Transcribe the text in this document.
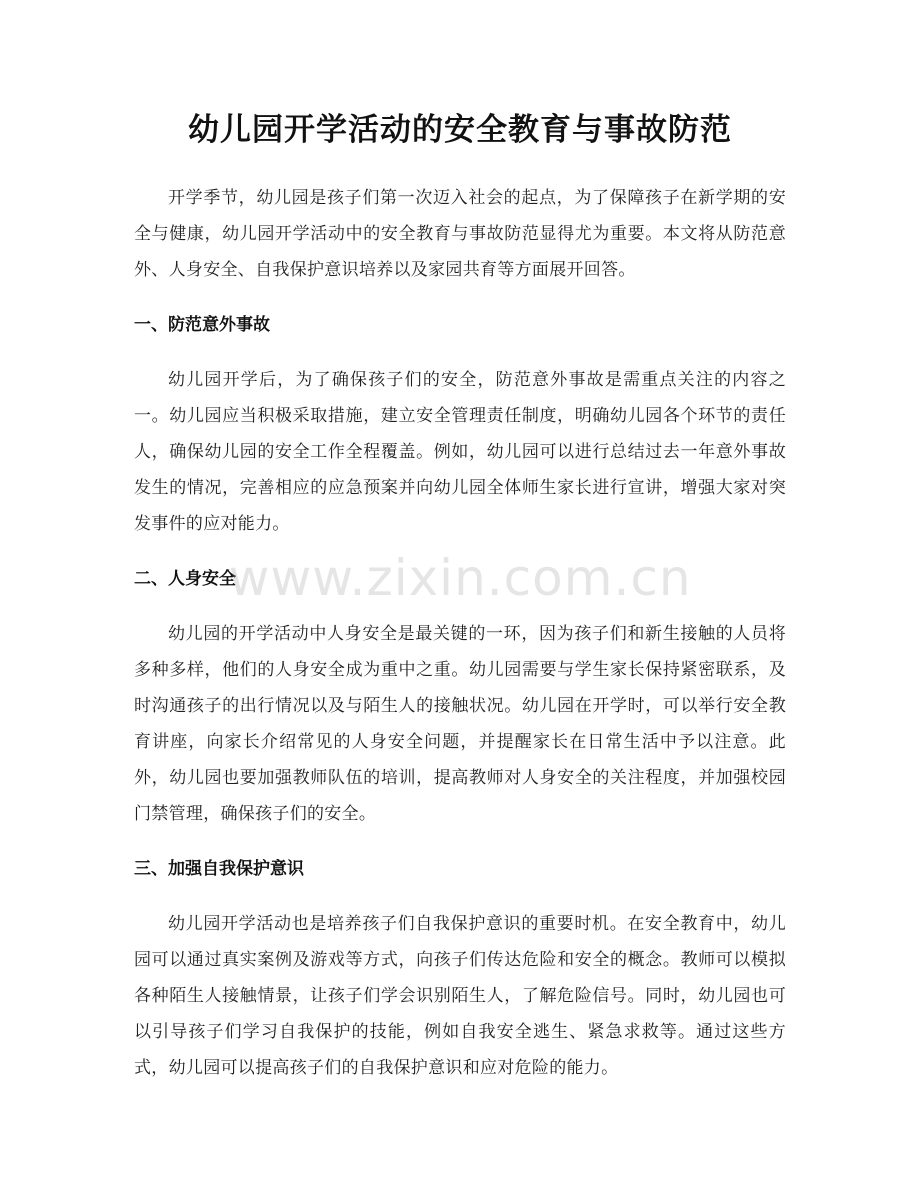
幼儿园开学活动的安全教育与事故防范

开学季节，幼儿园是孩子们第一次迈入社会的起点，为了保障孩子在新学期的安全与健康，幼儿园开学活动中的安全教育与事故防范显得尤为重要。本文将从防范意外、人身安全、自我保护意识培养以及家园共育等方面展开回答。

一、防范意外事故

幼儿园开学后，为了确保孩子们的安全，防范意外事故是需重点关注的内容之一。幼儿园应当积极采取措施，建立安全管理责任制度，明确幼儿园各个环节的责任人，确保幼儿园的安全工作全程覆盖。例如，幼儿园可以进行总结过去一年意外事故发生的情况，完善相应的应急预案并向幼儿园全体师生家长进行宣讲，增强大家对突发事件的应对能力。

二、人身安全

幼儿园的开学活动中人身安全是最关键的一环，因为孩子们和新生接触的人员将多种多样，他们的人身安全成为重中之重。幼儿园需要与学生家长保持紧密联系，及时沟通孩子的出行情况以及与陌生人的接触状况。幼儿园在开学时，可以举行安全教育讲座，向家长介绍常见的人身安全问题，并提醒家长在日常生活中予以注意。此外，幼儿园也要加强教师队伍的培训，提高教师对人身安全的关注程度，并加强校园门禁管理，确保孩子们的安全。

三、加强自我保护意识

幼儿园开学活动也是培养孩子们自我保护意识的重要时机。在安全教育中，幼儿园可以通过真实案例及游戏等方式，向孩子们传达危险和安全的概念。教师可以模拟各种陌生人接触情景，让孩子们学会识别陌生人，了解危险信号。同时，幼儿园也可以引导孩子们学习自我保护的技能，例如自我安全逃生、紧急求救等。通过这些方式，幼儿园可以提高孩子们的自我保护意识和应对危险的能力。

www.zixin.com.cn
